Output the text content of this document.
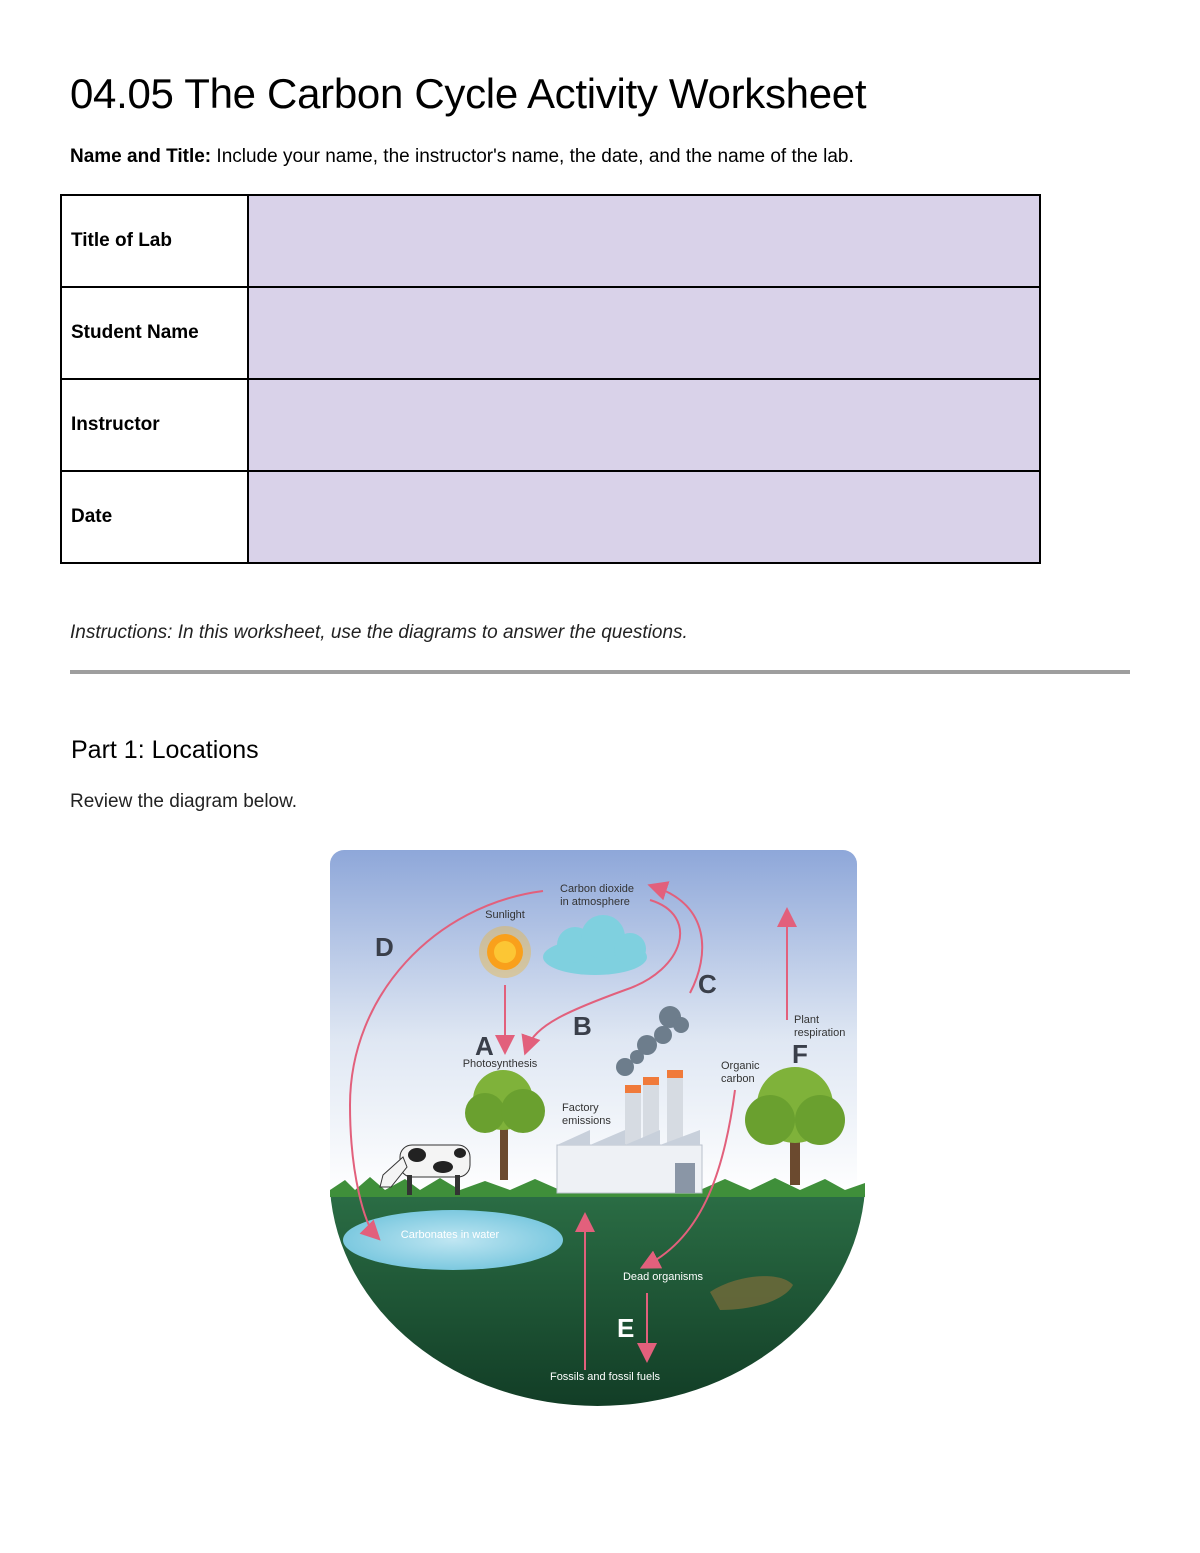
04.05 The Carbon Cycle Activity Worksheet
Name and Title: Include your name, the instructor's name, the date, and the name of the lab.
Title of Lab	
Student Name	
Instructor	
Date	
Instructions: In this worksheet, use the diagrams to answer the questions.
Part 1: Locations
Review the diagram below.
Carbonates in water
Sunlight
Carbon dioxide
in atmosphere
Factory
emissions
Dead organisms
Fossils and fossil fuels
Photosynthesis	Organic
carbon
Plant
respiration
A
B
C
D
E
F
